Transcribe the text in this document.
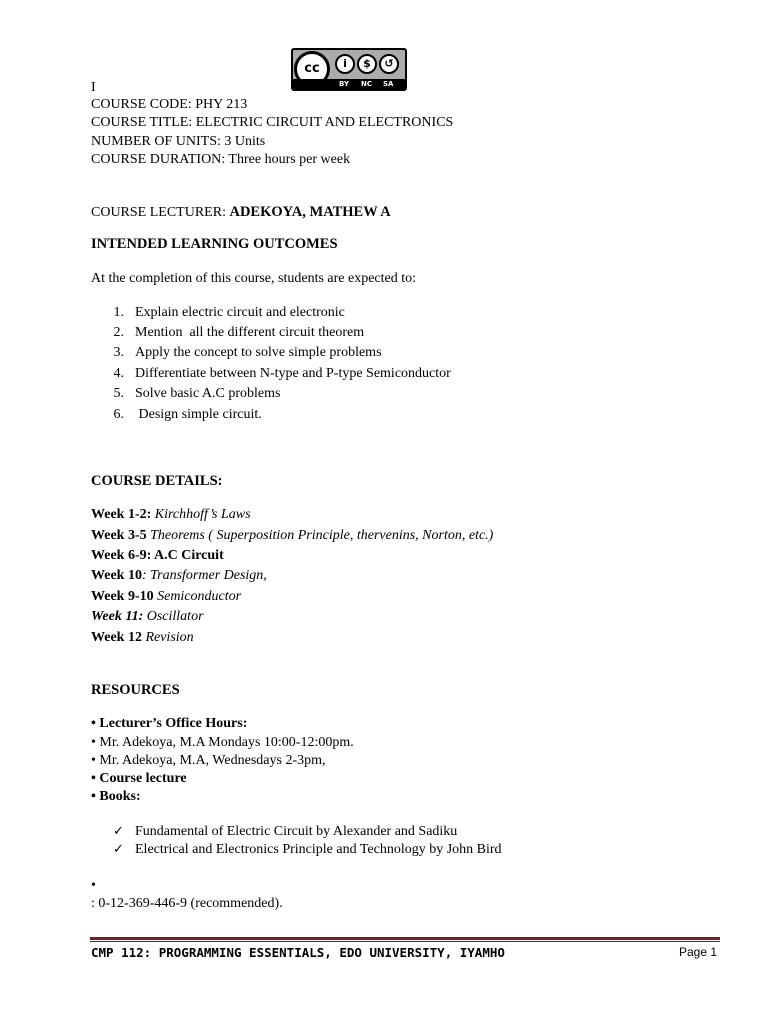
cc	i	$	↺
BY NC SA
I
COURSE CODE: PHY 213
COURSE TITLE: ELECTRIC CIRCUIT AND ELECTRONICS
NUMBER OF UNITS: 3 Units
COURSE DURATION: Three hours per week
COURSE LECTURER: ADEKOYA, MATHEW A
INTENDED LEARNING OUTCOMES
At the completion of this course, students are expected to:
1. Explain electric circuit and electronic
2. Mention  all the different circuit theorem
3. Apply the concept to solve simple problems
4. Differentiate between N-type and P-type Semiconductor
5. Solve basic A.C problems
6. Design simple circuit.
COURSE DETAILS:
Week 1-2: Kirchhoff’s Laws
Week 3-5 Theorems ( Superposition Principle, thervenins, Norton, etc.)
Week 6-9: A.C Circuit
Week 10: Transformer Design,
Week 9-10 Semiconductor
Week 11: Oscillator
Week 12 Revision
RESOURCES
• Lecturer’s Office Hours:
• Mr. Adekoya, M.A Mondays 10:00-12:00pm.
• Mr. Adekoya, M.A, Wednesdays 2-3pm,
• Course lecture
• Books:
✓ Fundamental of Electric Circuit by Alexander and Sadiku
✓ Electrical and Electronics Principle and Technology by John Bird
•
: 0-12-369-446-9 (recommended).
CMP 112: PROGRAMMING ESSENTIALS, EDO UNIVERSITY, IYAMHO	Page 1
